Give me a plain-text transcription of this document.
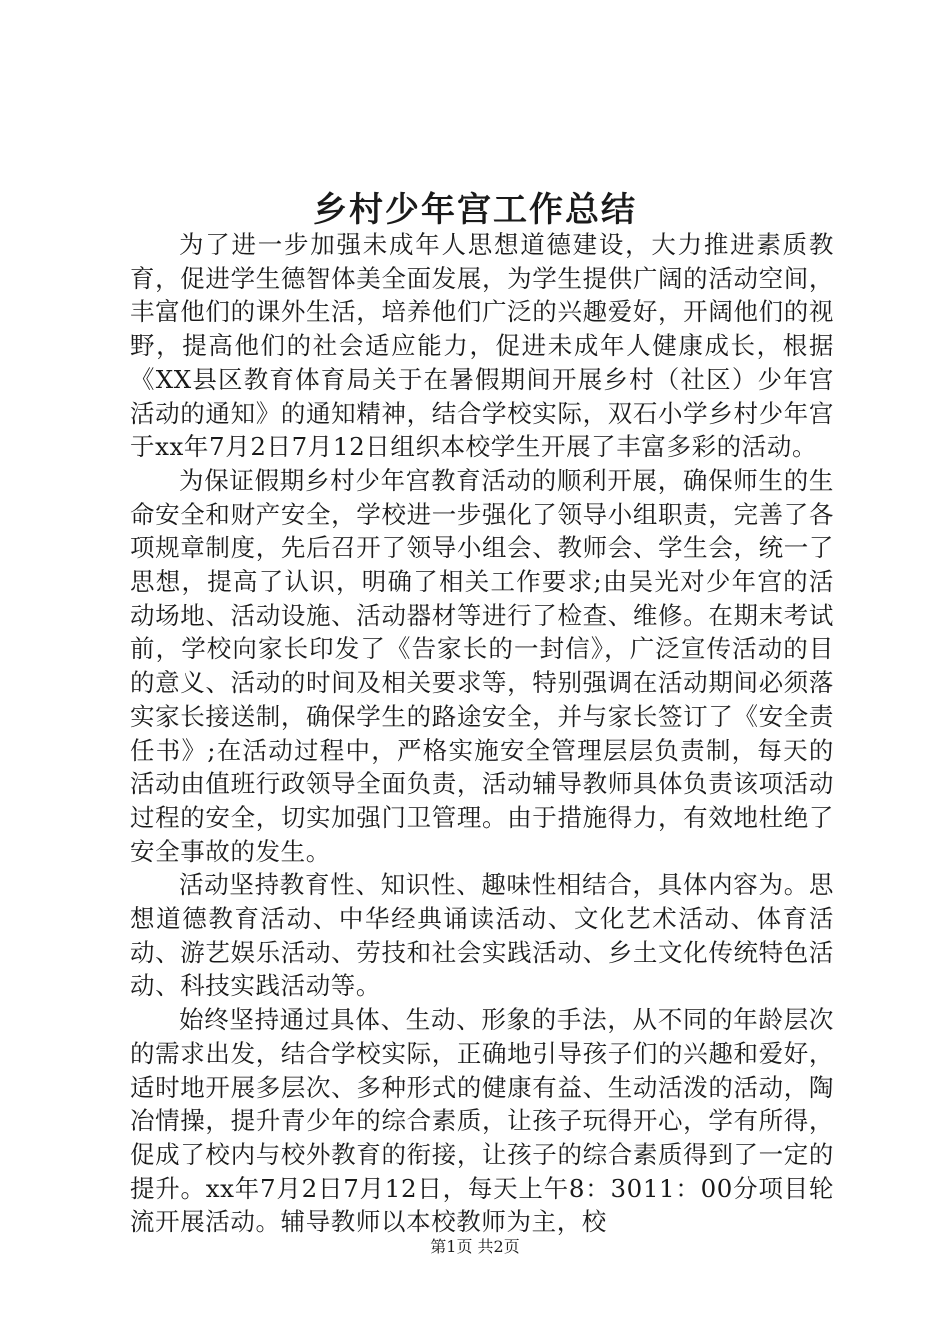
乡村少年宫工作总结

为了进一步加强未成年人思想道德建设，大力推进素质教育，促进学生德智体美全面发展，为学生提供广阔的活动空间，丰富他们的课外生活，培养他们广泛的兴趣爱好，开阔他们的视野，提高他们的社会适应能力，促进未成年人健康成长，根据《XX县区教育体育局关于在暑假期间开展乡村（社区）少年宫活动的通知》的通知精神，结合学校实际，双石小学乡村少年宫于xx年7月2日7月12日组织本校学生开展了丰富多彩的活动。

为保证假期乡村少年宫教育活动的顺利开展，确保师生的生命安全和财产安全，学校进一步强化了领导小组职责，完善了各项规章制度，先后召开了领导小组会、教师会、学生会，统一了思想，提高了认识，明确了相关工作要求;由吴光对少年宫的活动场地、活动设施、活动器材等进行了检查、维修。在期末考试前，学校向家长印发了《告家长的一封信》，广泛宣传活动的目的意义、活动的时间及相关要求等，特别强调在活动期间必须落实家长接送制，确保学生的路途安全，并与家长签订了《安全责任书》;在活动过程中，严格实施安全管理层层负责制，每天的活动由值班行政领导全面负责，活动辅导教师具体负责该项活动过程的安全，切实加强门卫管理。由于措施得力，有效地杜绝了安全事故的发生。

活动坚持教育性、知识性、趣味性相结合，具体内容为。思想道德教育活动、中华经典诵读活动、文化艺术活动、体育活动、游艺娱乐活动、劳技和社会实践活动、乡土文化传统特色活动、科技实践活动等。

始终坚持通过具体、生动、形象的手法，从不同的年龄层次的需求出发，结合学校实际，正确地引导孩子们的兴趣和爱好，适时地开展多层次、多种形式的健康有益、生动活泼的活动，陶冶情操，提升青少年的综合素质，让孩子玩得开心，学有所得，促成了校内与校外教育的衔接，让孩子的综合素质得到了一定的提升。xx年7月2日7月12日，每天上午8：3011：00分项目轮流开展活动。辅导教师以本校教师为主，校

第1页 共2页
